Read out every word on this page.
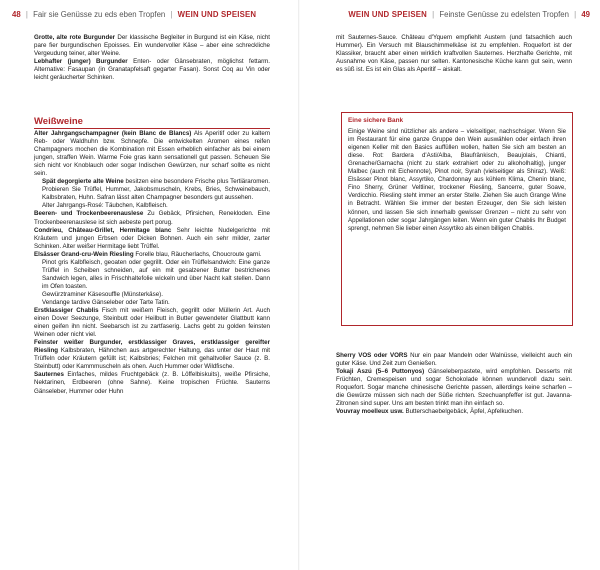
48 | Fair sie Genüsse zu eds eben Tropfen | WEIN UND SPEISEN

Grotte, alte rote Burgunder Der klassische Begleiter in Burgund ist ein Käse, nicht pare fier burgundischen Epoisses. Ein wundervoller Käse – aber eine schreckliche Vergeudung teiner, alter Weine.

Lebhafter (junger) Burgunder Enten- oder Gänsebraten, möglichst fettarm. Alternative: Fasaupan (in Granatapfelsaft gegarter Fasan). Sonst Coq au Vin oder leicht geräucherter Schinken.

Weißweine

Alter Jahrgangschampagner (kein Blanc de Blancs) Als Aperitif oder zu kaltem Reb- oder Waldhuhn bzw. Schnepfe. Die entwickelten Aromen eines reifen Champagners mochen die Kombination mit Essen erheblich einfacher als bei einem jungen, straffen Wein. Warme Foie gras kann sensationell gut passen. Scheuen Sie sich nicht vor Knoblauch oder sogar Indischen Gewürzen, nur scharf sollte es nicht sein.

Spät degorgierte alte Weine besitzen eine besondere Frische plus Tertiäraromen. Probieren Sie Trüffel, Hummer, Jakobsmuscheln, Krebs, Bries, Schweinebauch, Kalbsbraten, Huhn. Safran lässt alten Champagner besonders gut aussehen.

Alter Jahrgangs-Rosé: Täubchen, Kalbfleisch.

Beeren- und Trockenbeerenauslese Zu Gebäck, Pfirsichen, Renekloden. Eine Trockenbeerenauslese ist sich aebeste pert porug.

Condrieu, Château-Grillet, Hermitage blanc Sehr leichte Nudelgerichte mit Kräutern und jungen Erbsen oder Dicken Bohnen. Auch ein sehr milder, zarter Schinken. Alter weißer Hermitage liebt Trüffel.

Elsässer Grand-cru-Wein Riesling Forelle blau, Räucherlachs, Choucroute garni.

Pinot gris Kalbfleisch, geoaten oder gegrillt. Oder ein Trüffelsandwich: Eine ganze Trüffel in Scheiben schneiden, auf ein mit gesalzener Butter bestrichenes Sandwich legen, alles in Frischhaltefolie wickeln und über Nacht kalt stellen. Dann im Ofen toasten.

Gewürztraminer Käsesouffle (Münsterkäse).

Vendange tardive Gänseleber oder Tarte Tatin.

Erstklassiger Chablis Fisch mit weißem Fleisch, gegrillt oder Müllerin Art. Auch einen Dover Seezunge, Steinbutt oder Heilbutt in Butter gewendeter Glattbutt kann einen geifen ihn nicht. Seebarsch ist zu zartfaserig. Lachs gebt zu golden feinsten Weinen oder nicht viel.

Feinster weißer Burgunder, erstklassiger Graves, erstklassiger gereifter Riesling Kalbsbraten, Hähnchen aus artgerechter Haltung, das unter der Haut mit Trüffeln oder Kräutern gefüllt ist; Kalbsbries; Felchen mit gehaltvoller Sauce (z. B. Steinbutt) oder Kammmuscheln als ohen. Auch Hummer oder Wildfische.

Sauternes Einfaches, mildes Fruchtgebäck (z. B. Löffelbiskuits), weiße Pfirsiche, Nektarinen, Erdbeeren (ohne Sahne). Keine tropischen Früchte. Sauterns Gänseleber, Hummer oder Huhn

WEIN UND SPEISEN | Feinste Genüsse zu edelsten Tropfen | 49

mit Sauternes-Sauce. Château d'Yquem empfiehlt Austern (und fatsachlich auch Hummer). Ein Versuch mit Blauschimmelkäse ist zu empfehlen. Roquefort ist der Klassiker, braucht aber einen wirklich kraftvollen Sauternes. Herzhafte Gerichte, mit Ausnahme von Käse, passen nur selten. Kantonesische Küche kann gut sein, wenn es süß ist. Es ist ein Glas als Aperitif – aiskalt.

Eine sichere Bank

Einige Weine sind nützlicher als andere – vielseitiger, nachschsiger. Wenn Sie im Restaurant für eine ganze Gruppe den Wein auswählen oder einfach ihren eigenen Keller mit den Basics auffüllen wollen, halten Sie sich am besten an diese. Rot: Bardera d'Asti/Alba, Blaufränkisch, Beaujolais, Chianti, Grenache/Garnacha (nicht zu stark extrahiert oder zu alkoholhaltig), junger Malbec (auch mit Eichennote), Pinot noir, Syrah (vielseitiger als Shiraz). Weiß: Elsässer Pinot blanc, Assyrtiko, Chardonnay aus kühlem Klima, Chenin blanc, Fino Sherry, Grüner Veltliner, trockener Riesling, Sancerre, guter Soave, Verdicchio. Riesling steht immer an erster Stelle. Ziehen Sie auch Grange Wine in Betracht. Wählen Sie immer der besten Erzeuger, den Sie sich leisten können, und lassen Sie sich innerhalb gewisser Grenzen – nicht zu sehr von Appellationen oder sogar Jahrgängen leiten. Wenn ein guter Chablis Ihr Budget sprengt, nehmen Sie lieber einen Assyrtiko als einen billigen Chablis.

Sherry VOS oder VORS Nur ein paar Mandeln oder Walnüsse, vielleicht auch ein guter Käse. Und Zeit zum Genießen.

Tokaji Aszú (5–6 Puttonyos) Gänseleberpastete, wird empfohlen. Desserts mit Früchten, Cremespeisen und sogar Schokolade können wundervoll dazu sein. Roquefort. Sogar manche chinesische Gerichte passen, allerdings keine scharfen – die Gewürze müssen sich nach der Süße richten. Szechuanpfeffer ist gut. Javanna-Zitronen sind super. Uns am besten trinkt man ihn einfach so.

Vouvray moelleux usw. Butterschaebelgebäck, Äpfel, Apfelkuchen.
